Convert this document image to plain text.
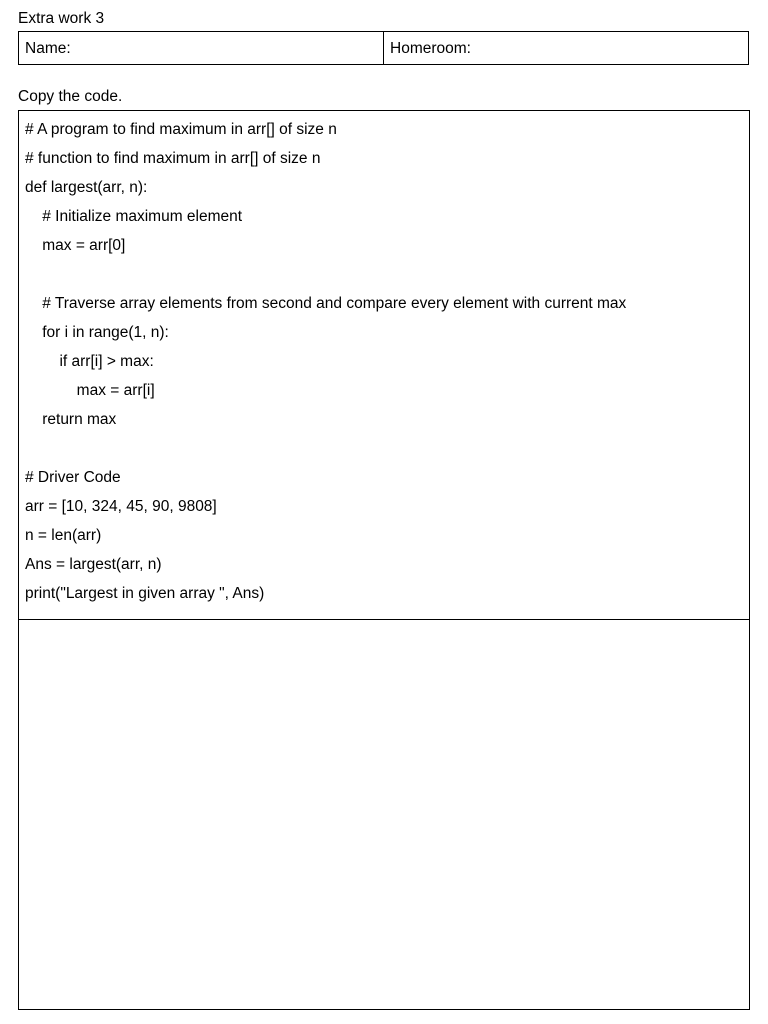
Extra work 3
Name:	Homeroom:
Copy the code.
# A program to find maximum in arr[] of size n
# function to find maximum in arr[] of size n
def largest(arr, n):
# Initialize maximum element
max = arr[0]
# Traverse array elements from second and compare every element with current max
for i in range(1, n):
if arr[i] > max:
max = arr[i]
return max
# Driver Code
arr = [10, 324, 45, 90, 9808]
n = len(arr)
Ans = largest(arr, n)
print("Largest in given array ", Ans)
